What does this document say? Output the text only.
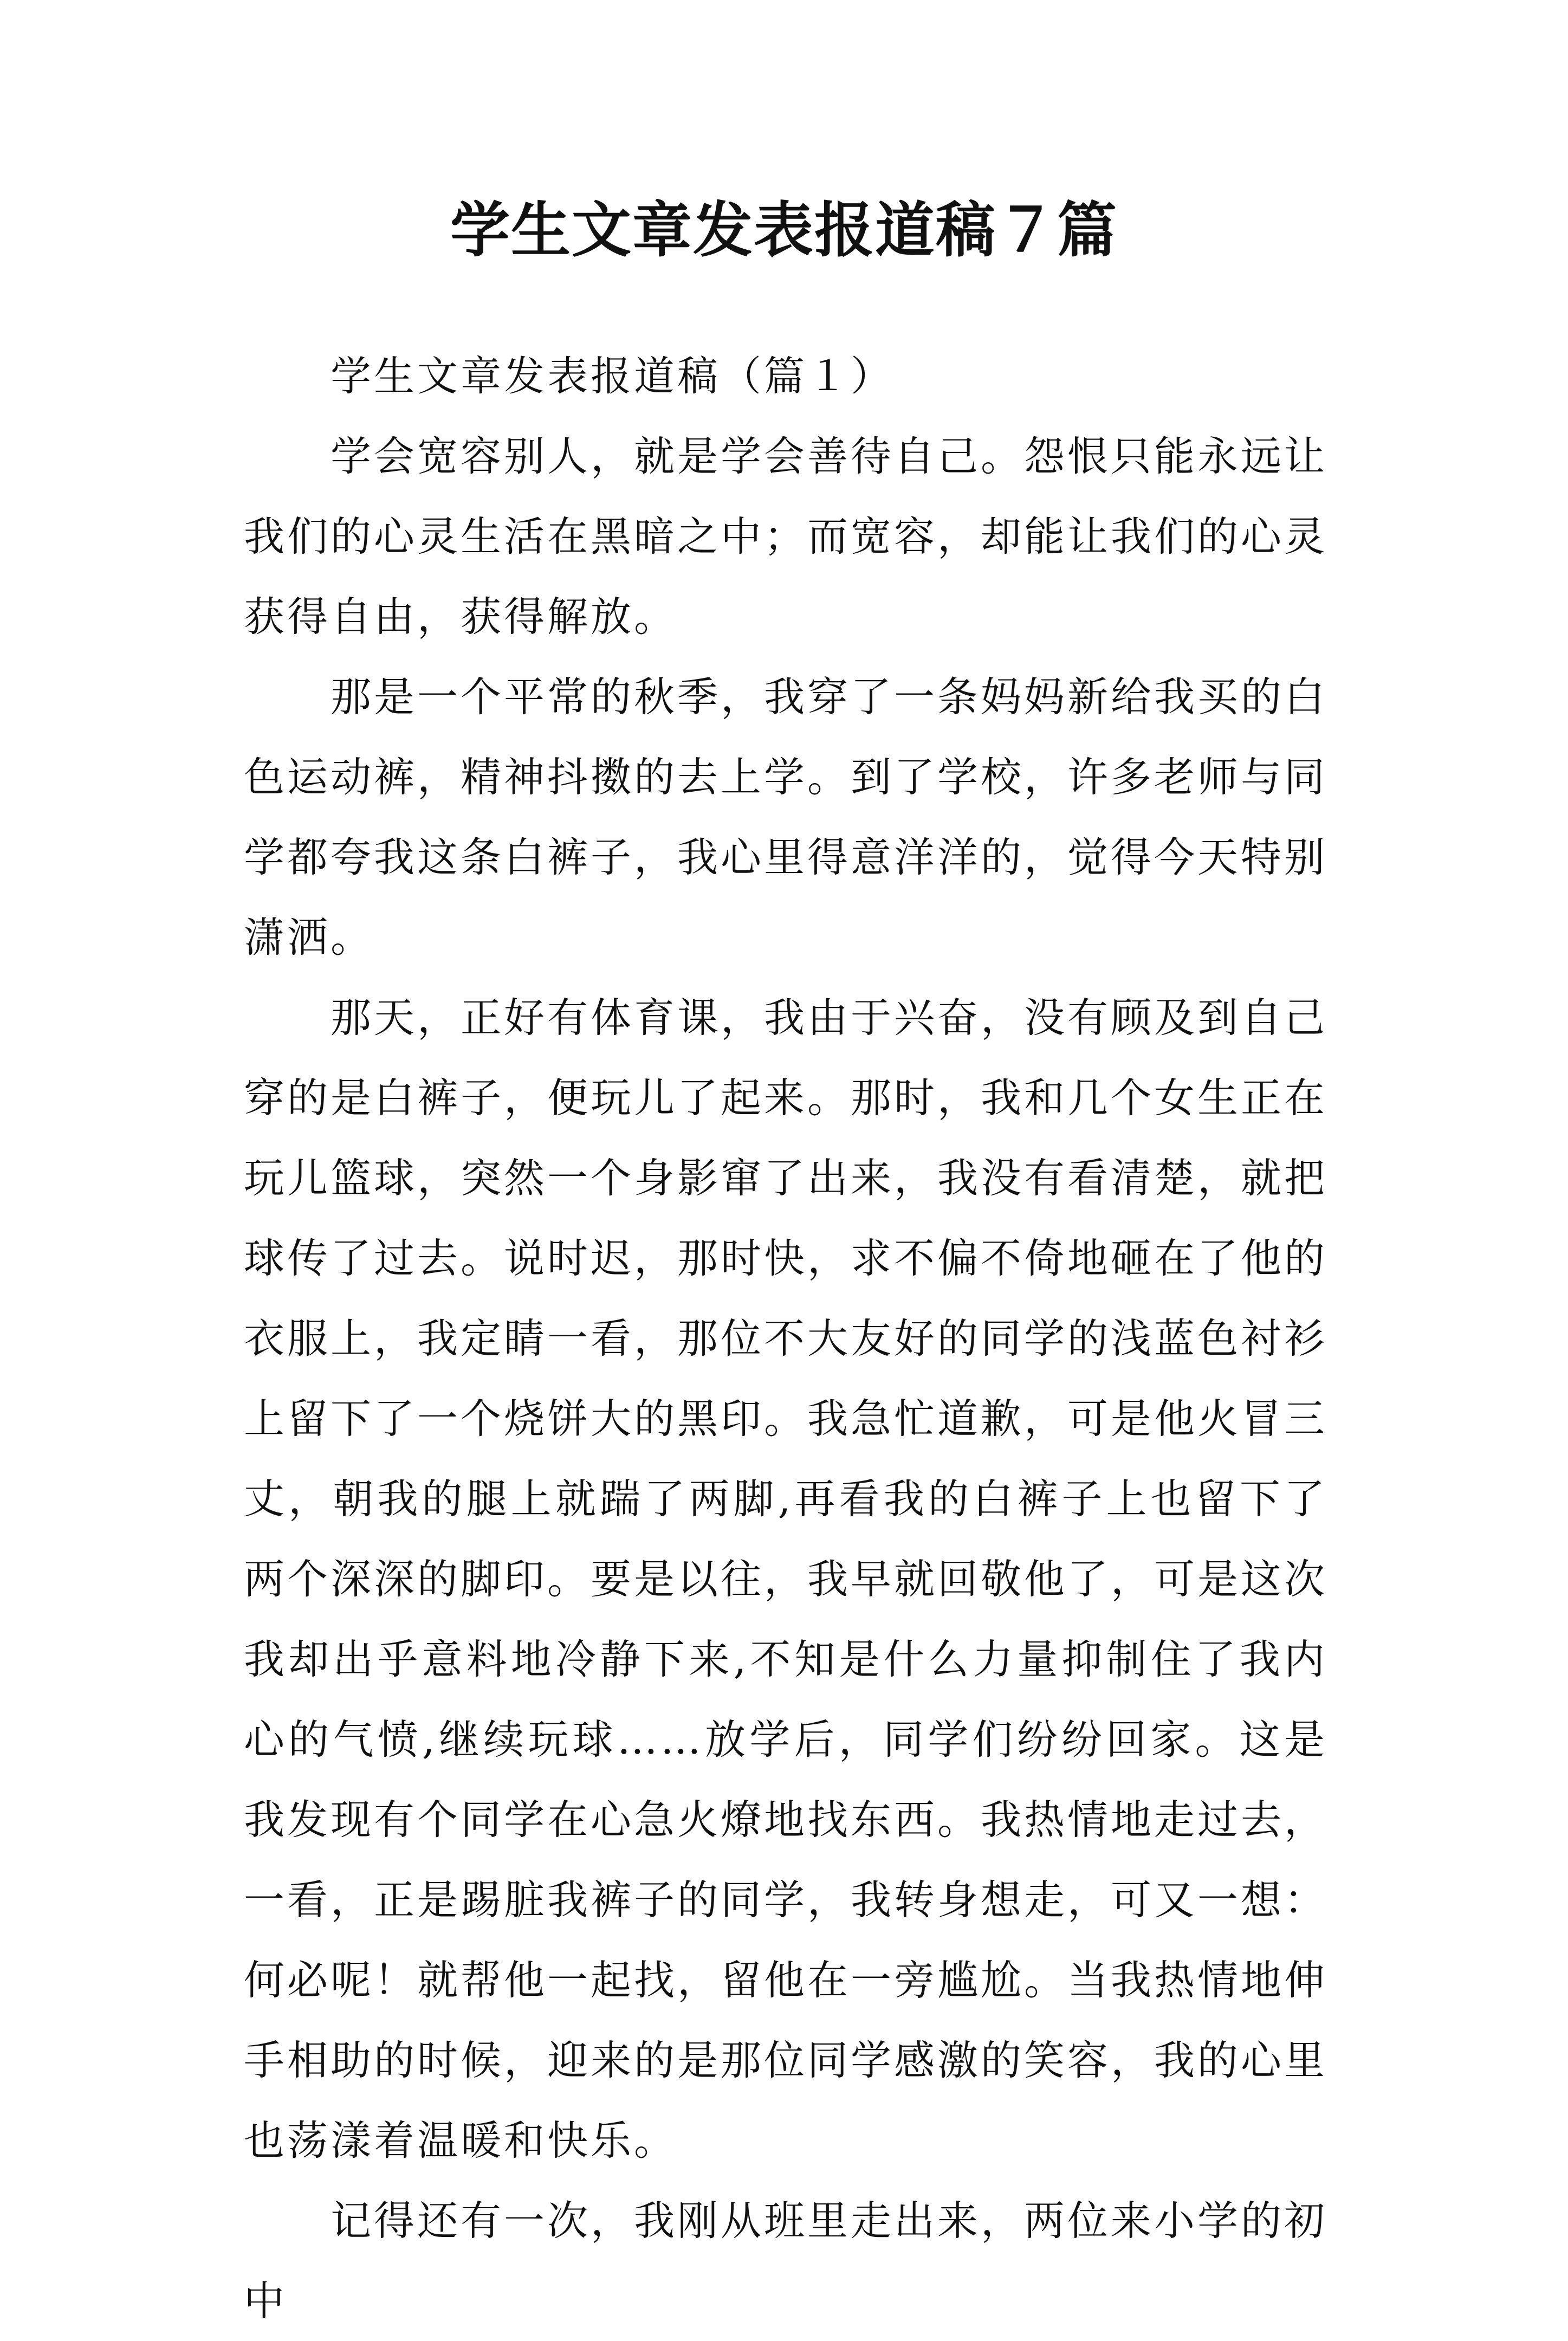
学生文章发表报道稿７篇

学生文章发表报道稿（篇１）

学会宽容别人，就是学会善待自己。怨恨只能永远让我们的心灵生活在黑暗之中；而宽容，却能让我们的心灵获得自由，获得解放。

那是一个平常的秋季，我穿了一条妈妈新给我买的白色运动裤，精神抖擞的去上学。到了学校，许多老师与同学都夸我这条白裤子，我心里得意洋洋的，觉得今天特别潇洒。

那天，正好有体育课，我由于兴奋，没有顾及到自己穿的是白裤子，便玩儿了起来。那时，我和几个女生正在玩儿篮球，突然一个身影窜了出来，我没有看清楚，就把球传了过去。说时迟，那时快，求不偏不倚地砸在了他的衣服上，我定睛一看，那位不大友好的同学的浅蓝色衬衫上留下了一个烧饼大的黑印。我急忙道歉，可是他火冒三丈，朝我的腿上就踹了两脚,再看我的白裤子上也留下了两个深深的脚印。要是以往，我早就回敬他了，可是这次我却出乎意料地冷静下来,不知是什么力量抑制住了我内心的气愤,继续玩球……放学后，同学们纷纷回家。这是我发现有个同学在心急火燎地找东西。我热情地走过去，一看，正是踢脏我裤子的同学，我转身想走，可又一想：何必呢！就帮他一起找，留他在一旁尴尬。当我热情地伸手相助的时候，迎来的是那位同学感激的笑容，我的心里也荡漾着温暖和快乐。

记得还有一次，我刚从班里走出来，两位来小学的初中
